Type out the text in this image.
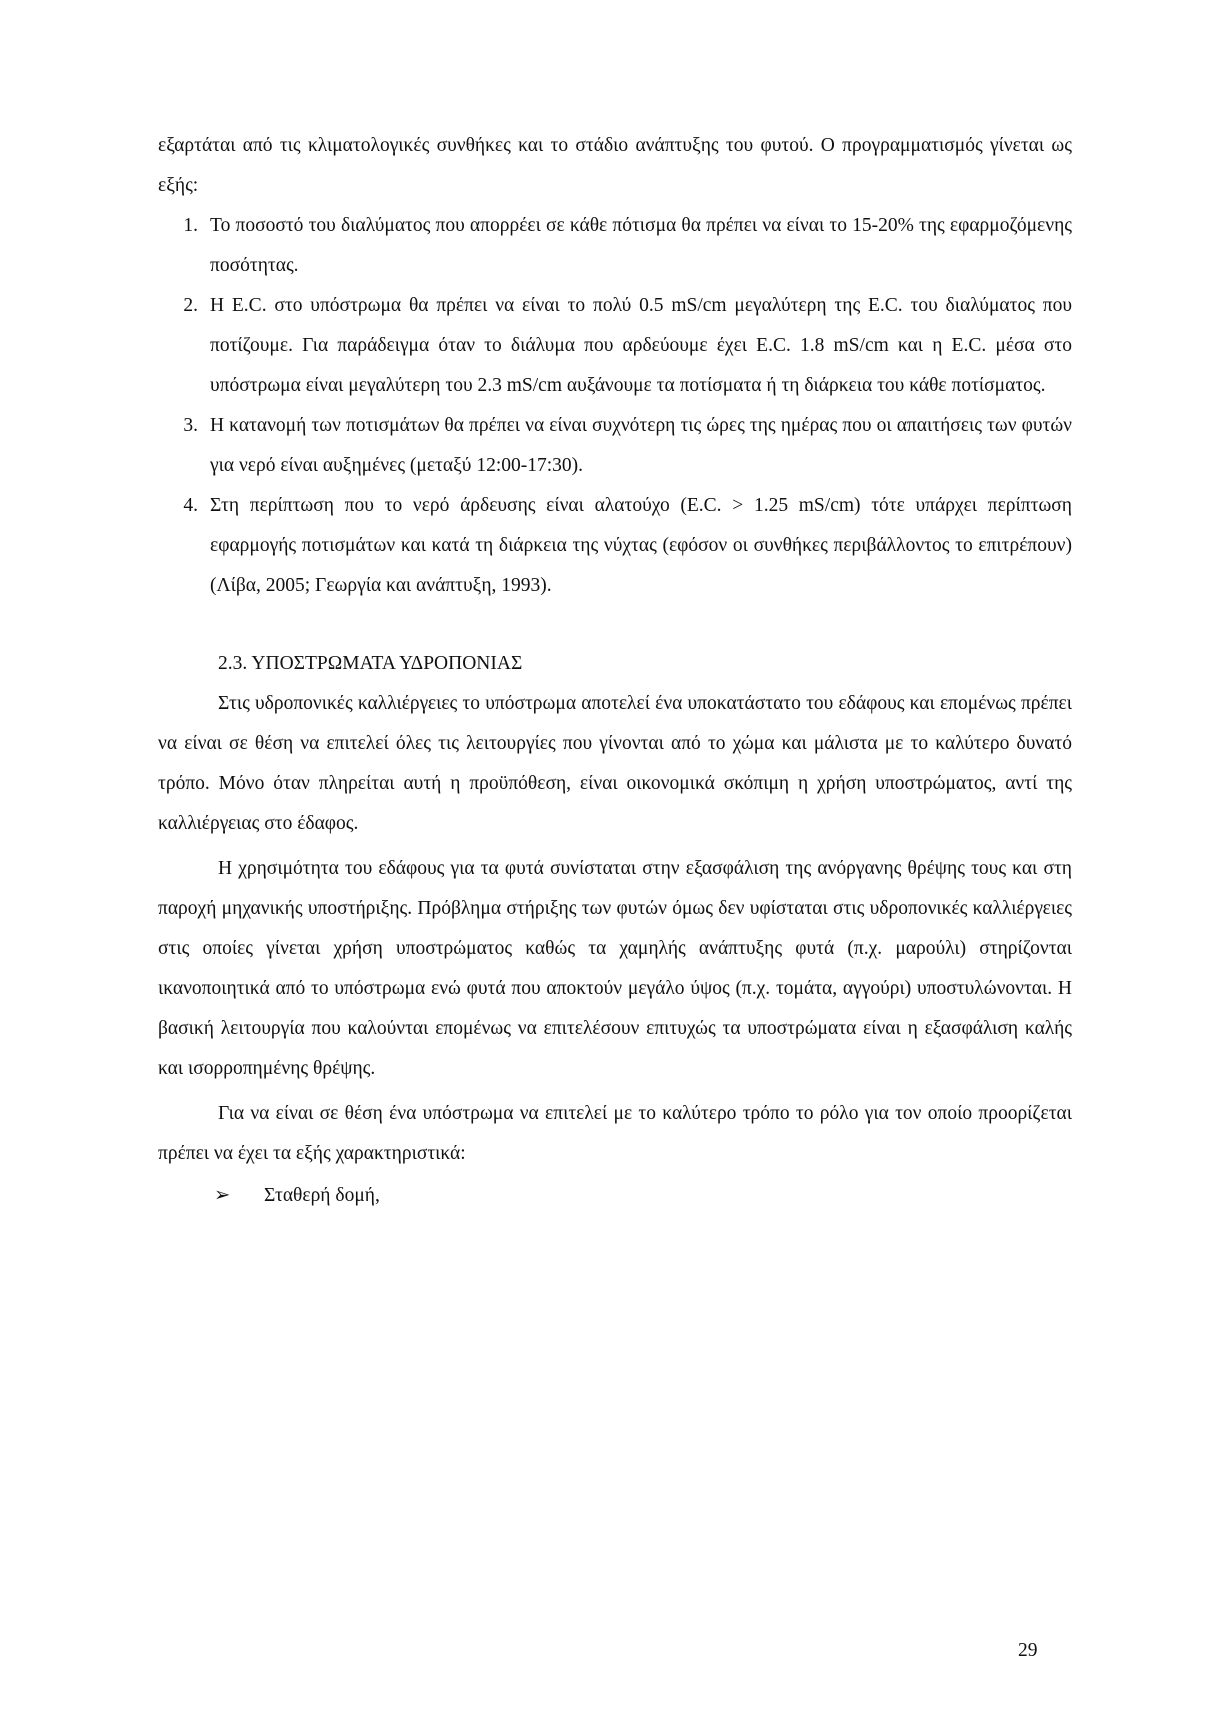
εξαρτάται από τις κλιματολογικές συνθήκες και το στάδιο ανάπτυξης του φυτού. Ο προγραμματισμός γίνεται ως εξής:

1. Το ποσοστό του διαλύματος που απορρέει σε κάθε πότισμα θα πρέπει να είναι το 15-20% της εφαρμοζόμενης ποσότητας.
2. Η E.C. στο υπόστρωμα θα πρέπει να είναι το πολύ 0.5 mS/cm μεγαλύτερη της E.C. του διαλύματος που ποτίζουμε. Για παράδειγμα όταν το διάλυμα που αρδεύουμε έχει E.C. 1.8 mS/cm και η E.C. μέσα στο υπόστρωμα είναι μεγαλύτερη του 2.3 mS/cm αυξάνουμε τα ποτίσματα ή τη διάρκεια του κάθε ποτίσματος.
3. Η κατανομή των ποτισμάτων θα πρέπει να είναι συχνότερη τις ώρες της ημέρας που οι απαιτήσεις των φυτών για νερό είναι αυξημένες (μεταξύ 12:00-17:30).
4. Στη περίπτωση που το νερό άρδευσης είναι αλατούχο (E.C. > 1.25 mS/cm) τότε υπάρχει περίπτωση εφαρμογής ποτισμάτων και κατά τη διάρκεια της νύχτας (εφόσον οι συνθήκες περιβάλλοντος το επιτρέπουν) (Λίβα, 2005; Γεωργία και ανάπτυξη, 1993).

2.3. ΥΠΟΣΤΡΩΜΑΤΑ ΥΔΡΟΠΟΝΙΑΣ

Στις υδροπονικές καλλιέργειες το υπόστρωμα αποτελεί ένα υποκατάστατο του εδάφους και επομένως πρέπει να είναι σε θέση να επιτελεί όλες τις λειτουργίες που γίνονται από το χώμα και μάλιστα με το καλύτερο δυνατό τρόπο. Μόνο όταν πληρείται αυτή η προϋπόθεση, είναι οικονομικά σκόπιμη η χρήση υποστρώματος, αντί της καλλιέργειας στο έδαφος.

Η χρησιμότητα του εδάφους για τα φυτά συνίσταται στην εξασφάλιση της ανόργανης θρέψης τους και στη παροχή μηχανικής υποστήριξης. Πρόβλημα στήριξης των φυτών όμως δεν υφίσταται στις υδροπονικές καλλιέργειες στις οποίες γίνεται χρήση υποστρώματος καθώς τα χαμηλής ανάπτυξης φυτά (π.χ. μαρούλι) στηρίζονται ικανοποιητικά από το υπόστρωμα ενώ φυτά που αποκτούν μεγάλο ύψος (π.χ. τομάτα, αγγούρι) υποστυλώνονται. Η βασική λειτουργία που καλούνται επομένως να επιτελέσουν επιτυχώς τα υποστρώματα είναι η εξασφάλιση καλής και ισορροπημένης θρέψης.

Για να είναι σε θέση ένα υπόστρωμα να επιτελεί με το καλύτερο τρόπο το ρόλο για τον οποίο προορίζεται πρέπει να έχει τα εξής χαρακτηριστικά:

➢ Σταθερή δομή,

29
